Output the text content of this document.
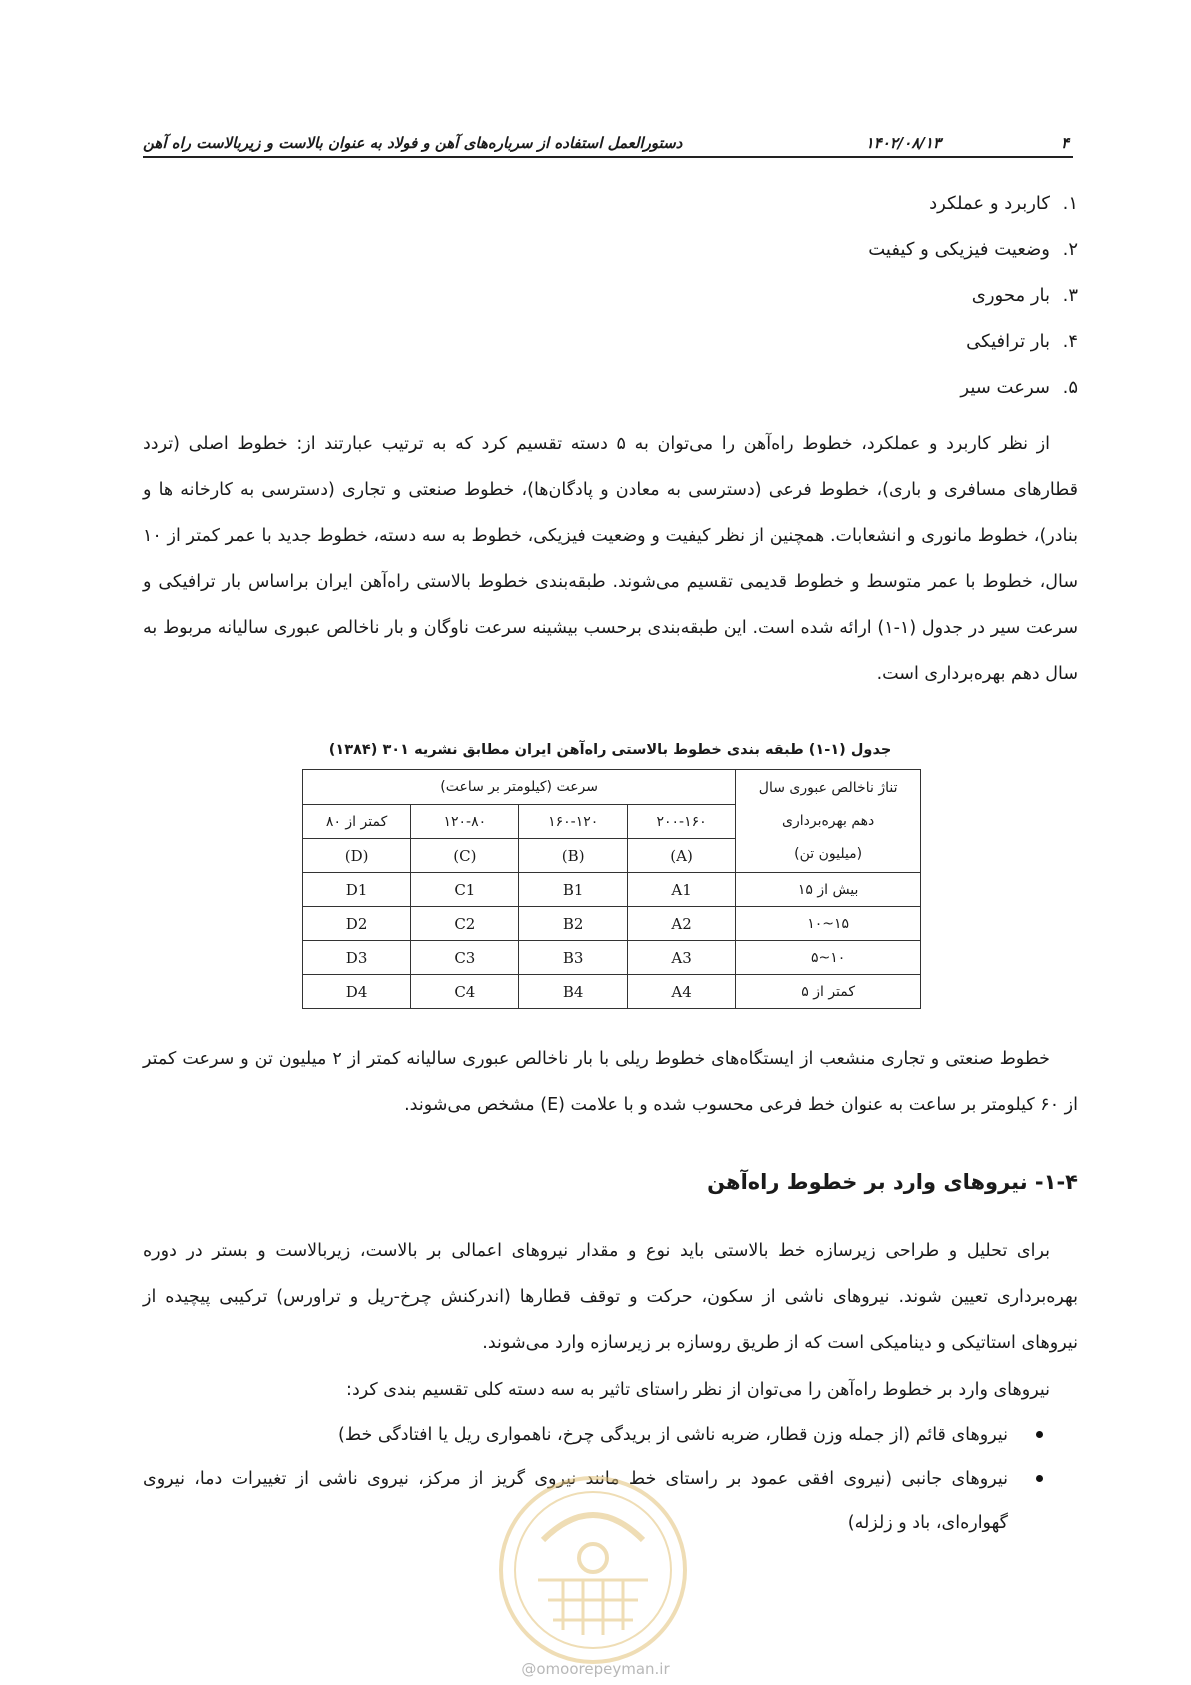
۴
۱۴۰۲/۰۸/۱۳
دستورالعمل استفاده از سرباره‌های آهن و فولاد به عنوان بالاست و زیربالاست راه آهن
۱.کاربرد و عملکرد
۲.وضعیت فیزیکی و کیفیت
۳.بار محوری
۴.بار ترافیکی
۵.سرعت سیر

از نظر کاربرد و عملکرد، خطوط راه‌آهن را می‌توان به ۵ دسته تقسیم کرد که به ترتیب عبارتند از: خطوط اصلی (تردد قطارهای مسافری و باری)، خطوط فرعی (دسترسی به معادن و پادگان‌ها)، خطوط صنعتی و تجاری (دسترسی به کارخانه ها و بنادر)، خطوط مانوری و انشعابات. همچنین از نظر کیفیت و وضعیت فیزیکی، خطوط به سه دسته، خطوط جدید با عمر کمتر از ۱۰ سال، خطوط با عمر متوسط و خطوط قدیمی تقسیم می‌شوند. طبقه‌بندی خطوط بالاستی راه‌آهن ایران براساس بار ترافیکی و سرعت سیر در جدول (۱-۱) ارائه شده است. این طبقه‌بندی برحسب بیشینه سرعت ناوگان و بار ناخالص عبوری سالیانه مربوط به سال دهم بهره‌برداری است.

جدول (۱-۱) طبقه بندی خطوط بالاستی راه‌آهن ایران مطابق نشریه ۳۰۱ (۱۳۸۴)
تناژ ناخالص عبوری سال
دهم بهره‌برداری
(میلیون تن)	سرعت (کیلومتر بر ساعت)			
	۲۰۰-۱۶۰	۱۶۰-۱۲۰	۱۲۰-۸۰	کمتر از ۸۰
	(A)	(B)	(C)	(D)
بیش از ۱۵	A1	B1	C1	D1
۱۵~۱۰	A2	B2	C2	D2
۱۰~۵	A3	B3	C3	D3
کمتر از ۵	A4	B4	C4	D4

خطوط صنعتی و تجاری منشعب از ایستگاه‌های خطوط ریلی با بار ناخالص عبوری سالیانه کمتر از ۲ میلیون تن و سرعت کمتر از ۶۰ کیلومتر بر ساعت به عنوان خط فرعی محسوب شده و با علامت (E) مشخص می‌شوند.

۱-۴- نیروهای وارد بر خطوط راه‌آهن

برای تحلیل و طراحی زیرسازه خط بالاستی باید نوع و مقدار نیروهای اعمالی بر بالاست، زیربالاست و بستر در دوره بهره‌برداری تعیین شوند. نیروهای ناشی از سکون، حرکت و توقف قطارها (اندرکنش چرخ-ریل و تراورس) ترکیبی پیچیده از نیروهای استاتیکی و دینامیکی است که از طریق روسازه بر زیرسازه وارد می‌شوند.

نیروهای وارد بر خطوط راه‌آهن را می‌توان از نظر راستای تاثیر به سه دسته کلی تقسیم بندی کرد:

نیروهای قائم (از جمله وزن قطار، ضربه ناشی از بریدگی چرخ، ناهمواری ریل یا افتادگی خط)
نیروهای جانبی (نیروی افقی عمود بر راستای خط مانند نیروی گریز از مرکز، نیروی ناشی از تغییرات دما، نیروی گهواره‌ای، باد و زلزله)
@omoorepeyman.ir
